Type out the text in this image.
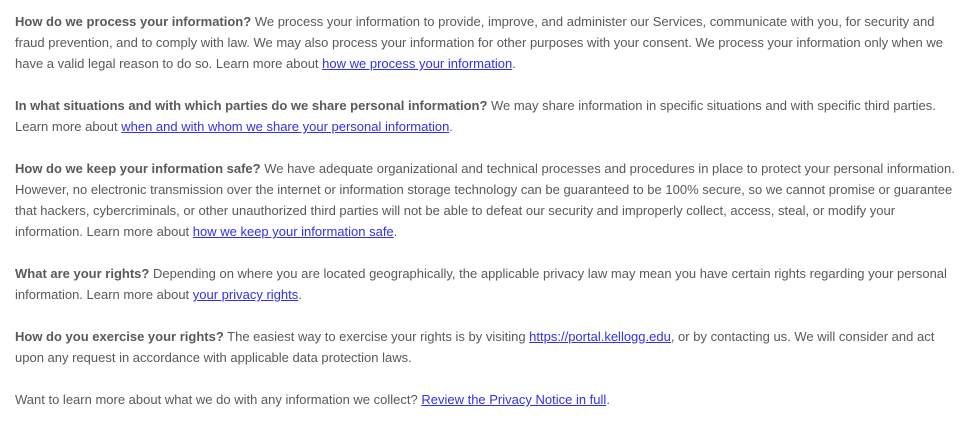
How do we process your information? We process your information to provide, improve, and administer our Services, communicate with you, for security and fraud prevention, and to comply with law. We may also process your information for other purposes with your consent. We process your information only when we have a valid legal reason to do so. Learn more about how we process your information.

In what situations and with which parties do we share personal information? We may share information in specific situations and with specific third parties. Learn more about when and with whom we share your personal information.

How do we keep your information safe? We have adequate organizational and technical processes and procedures in place to protect your personal information. However, no electronic transmission over the internet or information storage technology can be guaranteed to be 100% secure, so we cannot promise or guarantee that hackers, cybercriminals, or other unauthorized third parties will not be able to defeat our security and improperly collect, access, steal, or modify your information. Learn more about how we keep your information safe.

What are your rights? Depending on where you are located geographically, the applicable privacy law may mean you have certain rights regarding your personal information. Learn more about your privacy rights.

How do you exercise your rights? The easiest way to exercise your rights is by visiting https://portal.kellogg.edu, or by contacting us. We will consider and act upon any request in accordance with applicable data protection laws.

Want to learn more about what we do with any information we collect? Review the Privacy Notice in full.
